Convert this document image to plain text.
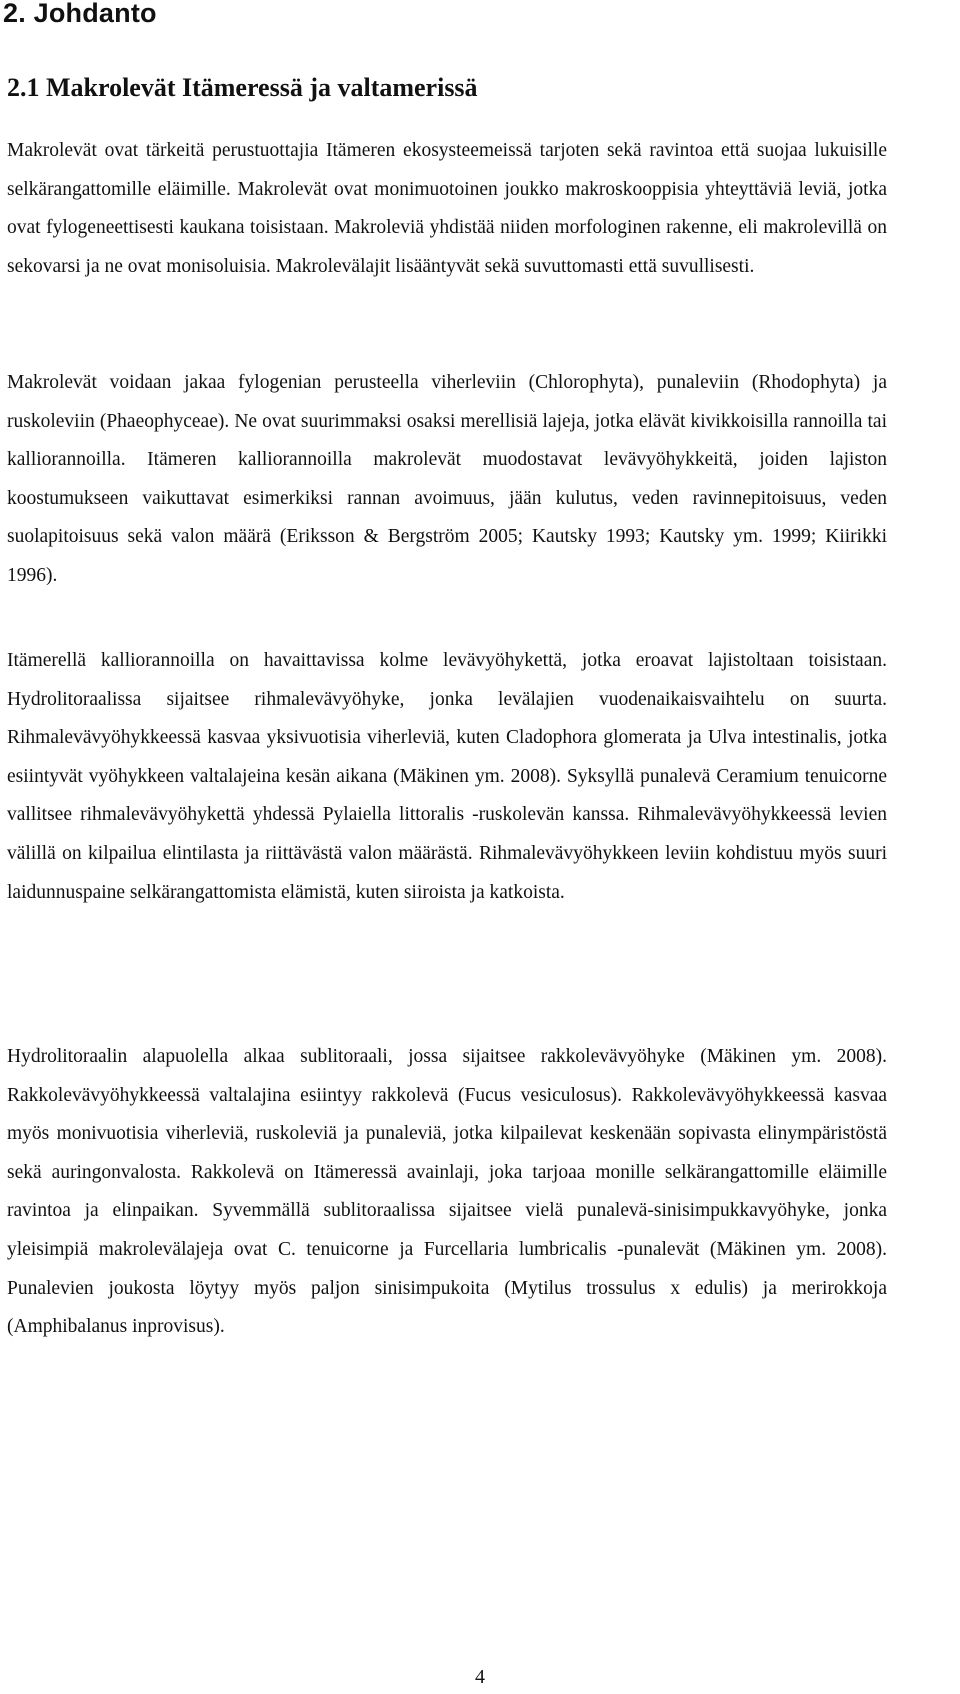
2. Johdanto
2.1 Makrolevät Itämeressä ja valtamerissä

Makrolevät ovat tärkeitä perustuottajia Itämeren ekosysteemeissä tarjoten sekä ravintoa että suojaa lukuisille selkärangattomille eläimille. Makrolevät ovat monimuotoinen joukko makroskooppisia yhteyttäviä leviä, jotka ovat fylogeneettisesti kaukana toisistaan. Makroleviä yhdistää niiden morfologinen rakenne, eli makrolevillä on sekovarsi ja ne ovat monisoluisia. Makrolevälajit lisääntyvät sekä suvuttomasti että suvullisesti.

Makrolevät voidaan jakaa fylogenian perusteella viherleviin (Chlorophyta), punaleviin (Rhodophyta) ja ruskoleviin (Phaeophyceae). Ne ovat suurimmaksi osaksi merellisiä lajeja, jotka elävät kivikkoisilla rannoilla tai kalliorannoilla. Itämeren kalliorannoilla makrolevät muodostavat levävyöhykkeitä, joiden lajiston koostumukseen vaikuttavat esimerkiksi rannan avoimuus, jään kulutus, veden ravinnepitoisuus, veden suolapitoisuus sekä valon määrä (Eriksson & Bergström 2005; Kautsky 1993; Kautsky ym. 1999; Kiirikki 1996).

Itämerellä kalliorannoilla on havaittavissa kolme levävyöhykettä, jotka eroavat lajistoltaan toisistaan. Hydrolitoraalissa sijaitsee rihmalevävyöhyke, jonka levälajien vuodenaikaisvaihtelu on suurta. Rihmalevävyöhykkeessä kasvaa yksivuotisia viherleviä, kuten Cladophora glomerata ja Ulva intestinalis, jotka esiintyvät vyöhykkeen valtalajeina kesän aikana (Mäkinen ym. 2008). Syksyllä punalevä Ceramium tenuicorne vallitsee rihmalevävyöhykettä yhdessä Pylaiella littoralis -ruskolevän kanssa. Rihmalevävyöhykkeessä levien välillä on kilpailua elintilasta ja riittävästä valon määrästä. Rihmalevävyöhykkeen leviin kohdistuu myös suuri laidunnuspaine selkärangattomista elämistä, kuten siiroista ja katkoista.

Hydrolitoraalin alapuolella alkaa sublitoraali, jossa sijaitsee rakkolevävyöhyke (Mäkinen ym. 2008). Rakkolevävyöhykkeessä valtalajina esiintyy rakkolevä (Fucus vesiculosus). Rakkolevävyöhykkeessä kasvaa myös monivuotisia viherleviä, ruskoleviä ja punaleviä, jotka kilpailevat keskenään sopivasta elinympäristöstä sekä auringonvalosta. Rakkolevä on Itämeressä avainlaji, joka tarjoaa monille selkärangattomille eläimille ravintoa ja elinpaikan. Syvemmällä sublitoraalissa sijaitsee vielä punalevä-sinisimpukkavyöhyke, jonka yleisimpiä makrolevälajeja ovat C. tenuicorne ja Furcellaria lumbricalis -punalevät (Mäkinen ym. 2008). Punalevien joukosta löytyy myös paljon sinisimpukoita (Mytilus trossulus x edulis) ja merirokkoja (Amphibalanus inprovisus).

4
